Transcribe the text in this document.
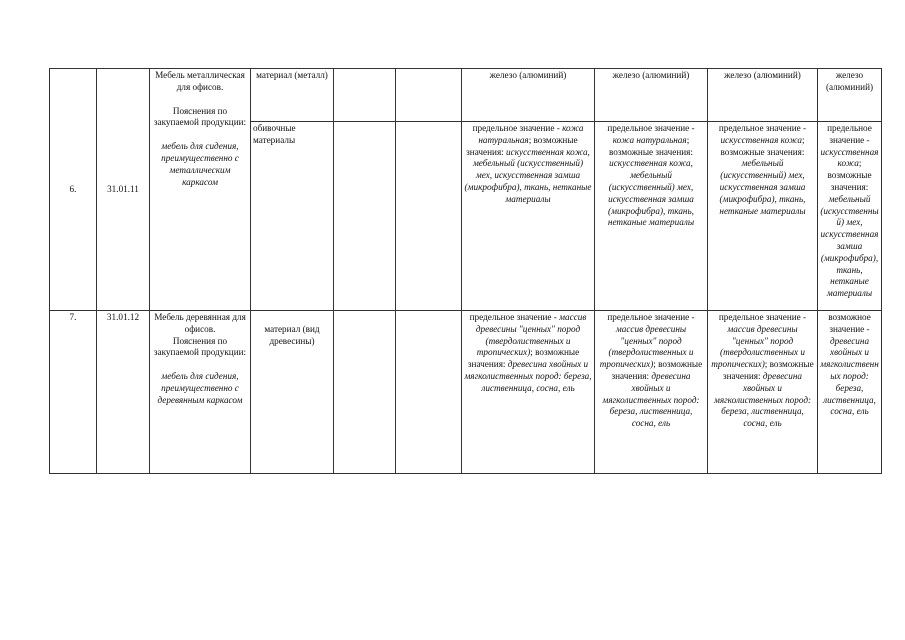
6.	31.01.11	Мебель металлическая для офисов.
Пояснения по закупаемой продукции:
мебель для сидения, преимущественно с металлическим каркасом	материал (металл)			железо (алюминий)	железо (алюминий)	железо (алюминий)	железо (алюминий)
			обивочные материалы			предельное значение - кожа натуральная; возможные значения: искусственная кожа, мебельный (искусственный) мех, искусственная замша (микрофибра), ткань, нетканые материалы	предельное значение - кожа натуральная; возможные значения: искусственная кожа, мебельный (искусственный) мех, искусственная замша (микрофибра), ткань, нетканые материалы	предельное значение - искусственная кожа; возможные значения: мебельный (искусственный) мех, искусственная замша (микрофибра), ткань, нетканые материалы	предельное значение - искусственная кожа; возможные значения: мебельный (искусственный) мех, искусственная замша (микрофибра), ткань, нетканые материалы
7.	31.01.12	Мебель деревянная для офисов.
Пояснения по закупаемой продукции:
мебель для сидения, преимущественно с деревянным каркасом	материал (вид древесины)			предельное значение - массив древесины "ценных" пород (твердолиственных и тропических); возможные значения: древесина хвойных и мягколиственных пород: береза, лиственница, сосна, ель	предельное значение - массив древесины "ценных" пород (твердолиственных и тропических); возможные значения: древесина хвойных и мягколиственных пород: береза, лиственница, сосна, ель	предельное значение - массив древесины "ценных" пород (твердолиственных и тропических); возможные значения: древесина хвойных и мягколиственных пород: береза, лиственница, сосна, ель	возможное значение - древесина хвойных и мягколиственных пород: береза, лиственница, сосна, ель
